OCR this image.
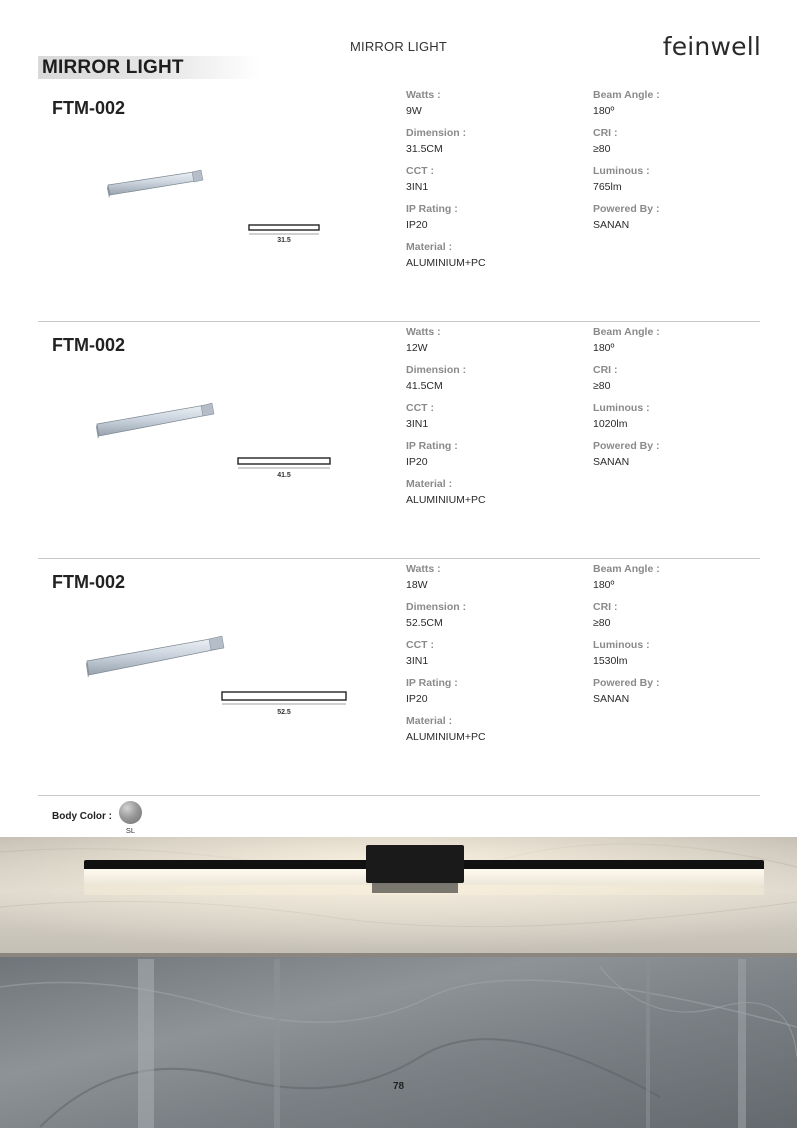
MIRROR LIGHT	feinwell
MIRROR LIGHT
FTM-002
31.5
Watts :
9W
Dimension :
31.5CM
CCT :
3IN1
IP Rating :
IP20
Material :
ALUMINIUM+PC
Beam Angle :
180º
CRI :
≥80
Luminous :
765lm
Powered By :
SANAN
FTM-002
41.5
Watts :
12W
Dimension :
41.5CM
CCT :
3IN1
IP Rating :
IP20
Material :
ALUMINIUM+PC
Beam Angle :
180º
CRI :
≥80
Luminous :
1020lm
Powered By :
SANAN
FTM-002
52.5
Watts :
18W
Dimension :
52.5CM
CCT :
3IN1
IP Rating :
IP20
Material :
ALUMINIUM+PC
Beam Angle :
180º
CRI :
≥80
Luminous :
1530lm
Powered By :
SANAN
Body Color :
SL
78
